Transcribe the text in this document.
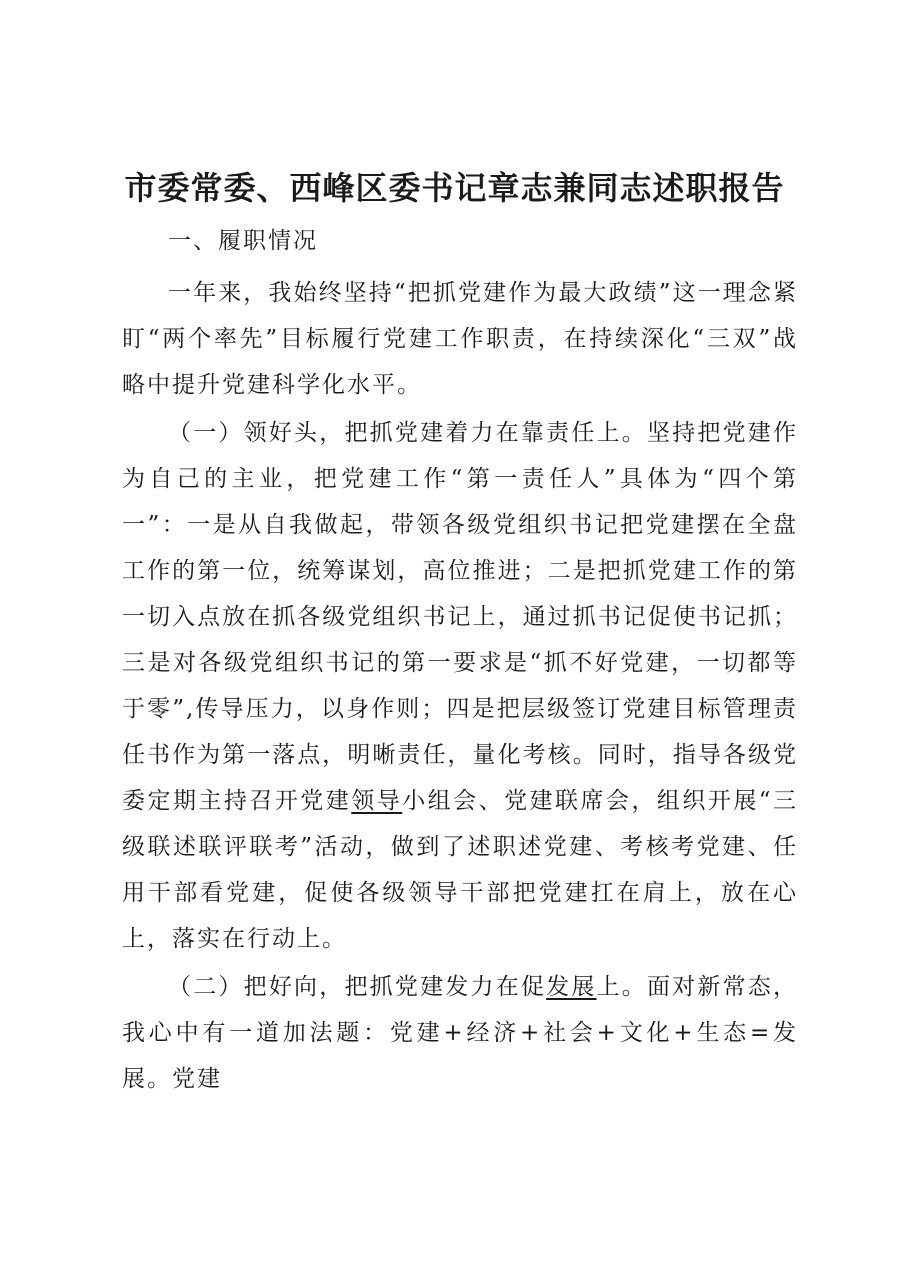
市委常委、西峰区委书记章志兼同志述职报告

一、履职情况

一年来，我始终坚持“把抓党建作为最大政绩”这一理念紧盯“两个率先”目标履行党建工作职责，在持续深化“三双”战略中提升党建科学化水平。

（一）领好头，把抓党建着力在靠责任上。坚持把党建作为自己的主业，把党建工作“第一责任人”具体为“四个第一”：一是从自我做起，带领各级党组织书记把党建摆在全盘工作的第一位，统筹谋划，高位推进；二是把抓党建工作的第一切入点放在抓各级党组织书记上，通过抓书记促使书记抓；三是对各级党组织书记的第一要求是“抓不好党建，一切都等于零”,传导压力，以身作则；四是把层级签订党建目标管理责任书作为第一落点，明晰责任，量化考核。同时，指导各级党委定期主持召开党建领导小组会、党建联席会，组织开展“三级联述联评联考”活动，做到了述职述党建、考核考党建、任用干部看党建，促使各级领导干部把党建扛在肩上，放在心上，落实在行动上。

（二）把好向，把抓党建发力在促发展上。面对新常态，我心中有一道加法题：党建+经济+社会+文化+生态=发展。党建
